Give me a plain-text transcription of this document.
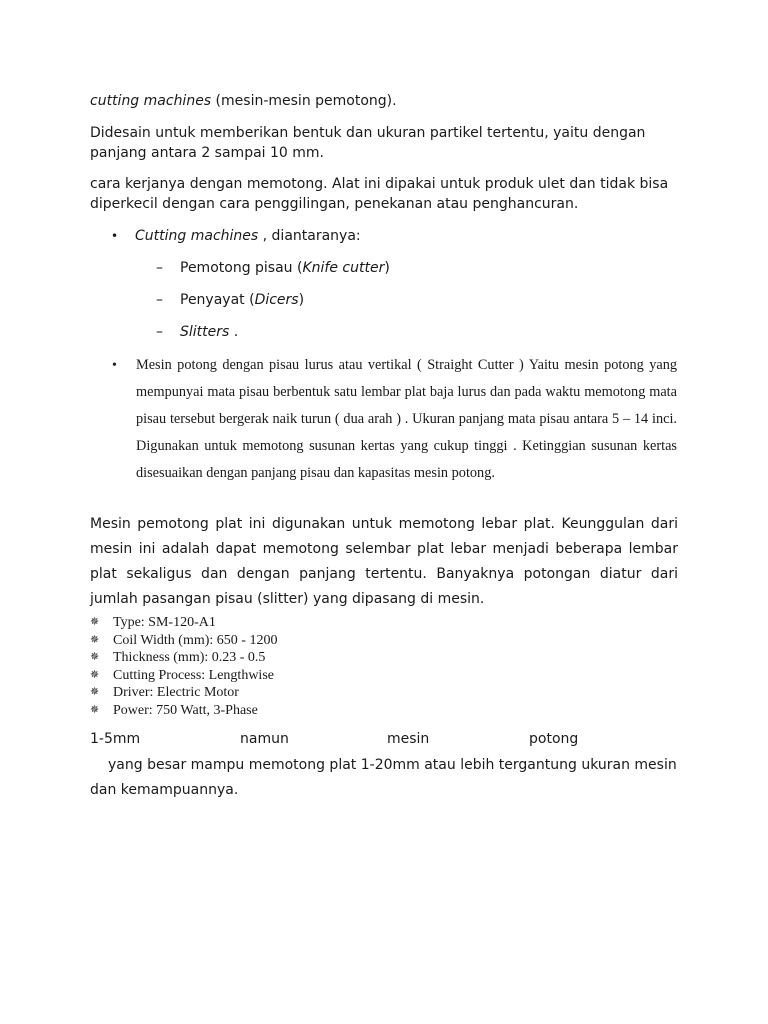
cutting machines (mesin-mesin pemotong).
Didesain untuk memberikan bentuk dan ukuran partikel tertentu, yaitu dengan panjang antara 2 sampai 10 mm.
cara kerjanya dengan memotong. Alat ini dipakai untuk produk ulet dan tidak bisa diperkecil dengan cara penggilingan, penekanan atau penghancuran.
• Cutting machines , diantaranya:
– Pemotong pisau (Knife cutter)
– Penyayat (Dicers)
– Slitters .
• Mesin potong dengan pisau lurus atau vertikal ( Straight Cutter ) Yaitu mesin potong yang mempunyai mata pisau berbentuk satu lembar plat baja lurus dan pada waktu memotong mata pisau tersebut bergerak naik turun ( dua arah ) . Ukuran panjang mata pisau antara 5 – 14 inci. Digunakan untuk memotong susunan kertas yang cukup tinggi . Ketinggian susunan kertas disesuaikan dengan panjang pisau dan kapasitas mesin potong.
Mesin pemotong plat ini digunakan untuk memotong lebar plat. Keunggulan dari mesin ini adalah dapat memotong selembar plat lebar menjadi beberapa lembar plat sekaligus dan dengan panjang tertentu. Banyaknya potongan diatur dari jumlah pasangan pisau (slitter) yang dipasang di mesin.
✵ Type: SM-120-A1
✵ Coil Width (mm): 650 - 1200
✵ Thickness (mm): 0.23 - 0.5
✵ Cutting Process: Lengthwise
✵ Driver: Electric Motor
✵ Power: 750 Watt, 3-Phase
1-5mm	namun	mesin	potong
yang besar mampu memotong plat 1-20mm atau lebih tergantung ukuran mesin dan kemampuannya.
